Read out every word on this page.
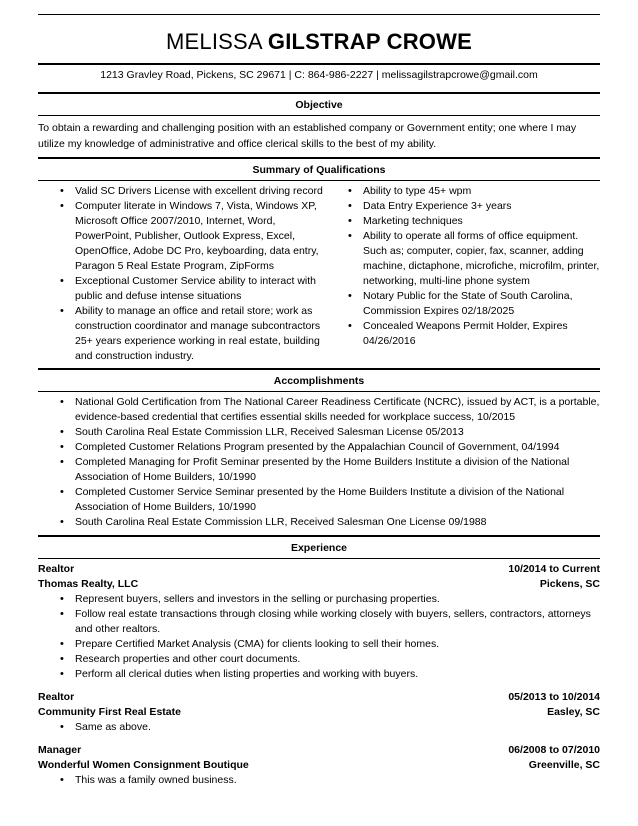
MELISSA GILSTRAP CROWE
1213 Gravley Road, Pickens, SC 29671 | C: 864-986-2227 | melissagilstrapcrowe@gmail.com
Objective
To obtain a rewarding and challenging position with an established company or Government entity; one where I may utilize my knowledge of administrative and office clerical skills to the best of my ability.
Summary of Qualifications
• Valid SC Drivers License with excellent driving record
• Computer literate in Windows 7, Vista, Windows XP, Microsoft Office 2007/2010, Internet, Word, PowerPoint, Publisher, Outlook Express, Excel, OpenOffice, Adobe DC Pro, keyboarding, data entry, Paragon 5 Real Estate Program, ZipForms
• Exceptional Customer Service ability to interact with public and defuse intense situations
• Ability to manage an office and retail store; work as construction coordinator and manage subcontractors 25+ years experience working in real estate, building and construction industry.
• Ability to type 45+ wpm
• Data Entry Experience 3+ years
• Marketing techniques
• Ability to operate all forms of office equipment. Such as; computer, copier, fax, scanner, adding machine, dictaphone, microfiche, microfilm, printer, networking, multi-line phone system
• Notary Public for the State of South Carolina, Commission Expires 02/18/2025
• Concealed Weapons Permit Holder, Expires 04/26/2016
Accomplishments
• National Gold Certification from The National Career Readiness Certificate (NCRC), issued by ACT, is a portable, evidence-based credential that certifies essential skills needed for workplace success, 10/2015
• South Carolina Real Estate Commission LLR, Received Salesman License 05/2013
• Completed Customer Relations Program presented by the Appalachian Council of Government, 04/1994
• Completed Managing for Profit Seminar presented by the Home Builders Institute a division of the National Association of Home Builders, 10/1990
• Completed Customer Service Seminar presented by the Home Builders Institute a division of the National Association of Home Builders, 10/1990
• South Carolina Real Estate Commission LLR, Received Salesman One License 09/1988
Experience
Realtor	10/2014 to Current
Thomas Realty, LLC	Pickens, SC
• Represent buyers, sellers and investors in the selling or purchasing properties.
• Follow real estate transactions through closing while working closely with buyers, sellers, contractors, attorneys and other realtors.
• Prepare Certified Market Analysis (CMA) for clients looking to sell their homes.
• Research properties and other court documents.
• Perform all clerical duties when listing properties and working with buyers.
Realtor	05/2013 to 10/2014
Community First Real Estate	Easley, SC
• Same as above.
Manager	06/2008 to 07/2010
Wonderful Women Consignment Boutique	Greenville, SC
• This was a family owned business.
